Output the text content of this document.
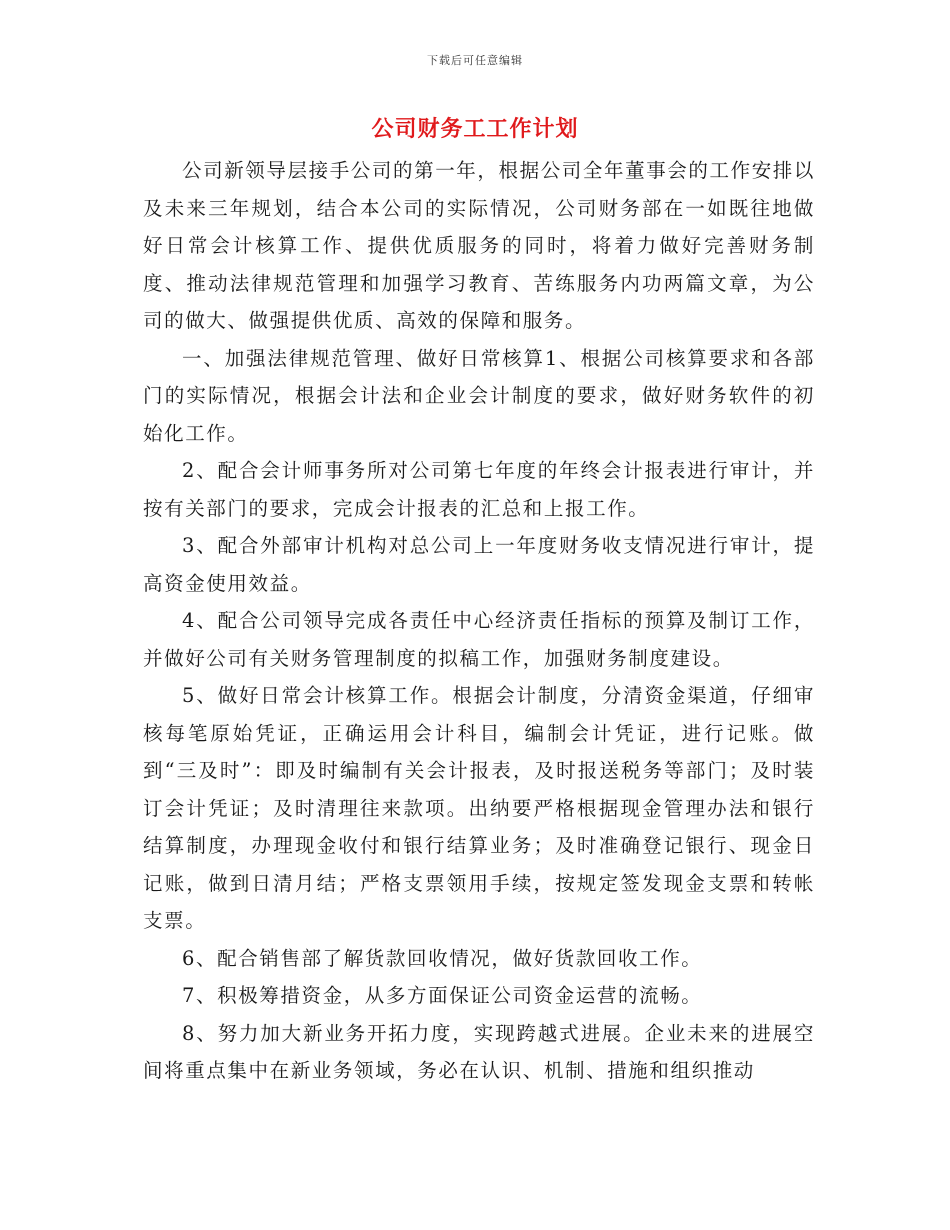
下载后可任意编辑
公司财务工工作计划

公司新领导层接手公司的第一年，根据公司全年董事会的工作安排以及未来三年规划，结合本公司的实际情况，公司财务部在一如既往地做好日常会计核算工作、提供优质服务的同时，将着力做好完善财务制度、推动法律规范管理和加强学习教育、苦练服务内功两篇文章，为公司的做大、做强提供优质、高效的保障和服务。

一、加强法律规范管理、做好日常核算1、根据公司核算要求和各部门的实际情况，根据会计法和企业会计制度的要求，做好财务软件的初始化工作。

2、配合会计师事务所对公司第七年度的年终会计报表进行审计，并按有关部门的要求，完成会计报表的汇总和上报工作。

3、配合外部审计机构对总公司上一年度财务收支情况进行审计，提高资金使用效益。

4、配合公司领导完成各责任中心经济责任指标的预算及制订工作，并做好公司有关财务管理制度的拟稿工作，加强财务制度建设。

5、做好日常会计核算工作。根据会计制度，分清资金渠道，仔细审核每笔原始凭证，正确运用会计科目，编制会计凭证，进行记账。做到“三及时”：即及时编制有关会计报表，及时报送税务等部门；及时装订会计凭证；及时清理往来款项。出纳要严格根据现金管理办法和银行结算制度，办理现金收付和银行结算业务；及时准确登记银行、现金日记账，做到日清月结；严格支票领用手续，按规定签发现金支票和转帐支票。

6、配合销售部了解货款回收情况，做好货款回收工作。

7、积极筹措资金，从多方面保证公司资金运营的流畅。

8、努力加大新业务开拓力度，实现跨越式进展。企业未来的进展空间将重点集中在新业务领域，务必在认识、机制、措施和组织推动
